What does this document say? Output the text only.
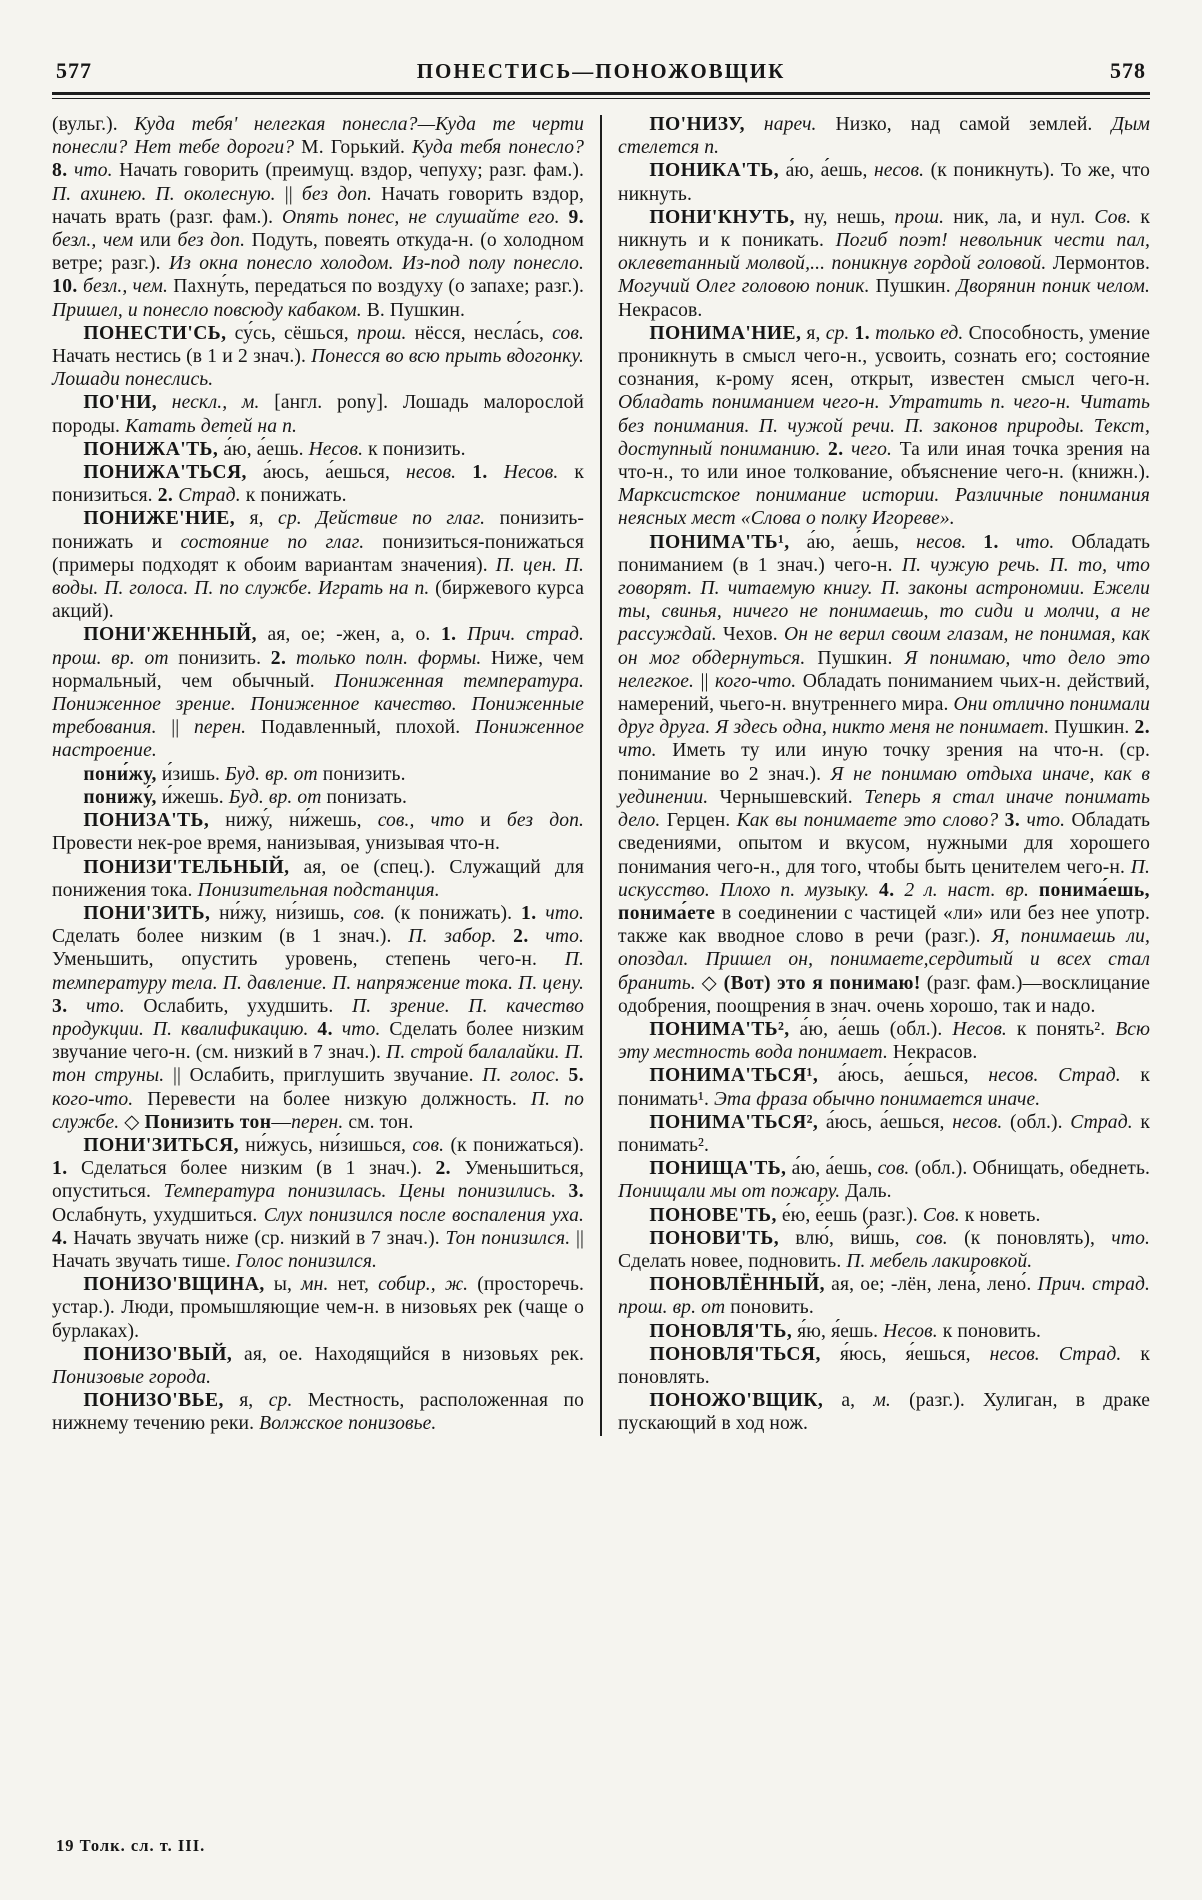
577	ПОНЕСТИСЬ—ПОНОЖОВЩИК	578

(вульг.). Куда тебя' нелегкая понесла?—Куда те черти понесли? Нет тебе дороги? М. Горький. Куда тебя понесло? 8. что. Начать говорить (преимущ. вздор, чепуху; разг. фам.). П. ахинею. П. околесную. || без доп. Начать говорить вздор, начать врать (разг. фам.). Опять понес, не слушайте его. 9. безл., чем или без доп. Подуть, повеять откуда-н. (о холодном ветре; разг.). Из окна понесло холодом. Из-под полу понесло. 10. безл., чем. Пахну́ть, передаться по воздуху (о запахе; разг.). Пришел, и понесло повсюду кабаком. В. Пушкин.

ПОНЕСТИ'СЬ, су́сь, сёшься, прош. нёсся, несла́сь, сов. Начать нестись (в 1 и 2 знач.). Понесся во всю прыть вдогонку. Лошади понеслись.

ПО'НИ, нескл., м. [англ. pony]. Лошадь малорослой породы. Катать детей на п.

ПОНИЖА'ТЬ, а́ю, а́ешь. Несов. к понизить.

ПОНИЖА'ТЬСЯ, а́юсь, а́ешься, несов. 1. Несов. к понизиться. 2. Страд. к понижать.

ПОНИЖЕ'НИЕ, я, ср. Действие по глаг. понизить-понижать и состояние по глаг. понизиться-понижаться (примеры подходят к обоим вариантам значения). П. цен. П. воды. П. голоса. П. по службе. Играть на п. (биржевого курса акций).

ПОНИ'ЖЕННЫЙ, ая, ое; -жен, а, о. 1. Прич. страд. прош. вр. от понизить. 2. только полн. формы. Ниже, чем нормальный, чем обычный. Пониженная температура. Пониженное зрение. Пониженное качество. Пониженные требования. || перен. Подавленный, плохой. Пониженное настроение.

пони́жу, и́зишь. Буд. вр. от понизить.

понижу́, и́жешь. Буд. вр. от понизать.

ПОНИЗА'ТЬ, нижу́, ни́жешь, сов., что и без доп. Провести нек-рое время, нанизывая, унизывая что-н.

ПОНИЗИ'ТЕЛЬНЫЙ, ая, ое (спец.). Служащий для понижения тока. Понизительная подстанция.

ПОНИ'ЗИТЬ, ни́жу, ни́зишь, сов. (к понижать). 1. что. Сделать более низким (в 1 знач.). П. забор. 2. что. Уменьшить, опустить уровень, степень чего-н. П. температуру тела. П. давление. П. напряжение тока. П. цену. 3. что. Ослабить, ухудшить. П. зрение. П. качество продукции. П. квалификацию. 4. что. Сделать более низким звучание чего-н. (см. низкий в 7 знач.). П. строй балалайки. П. тон струны. || Ослабить, приглушить звучание. П. голос. 5. кого-что. Перевести на более низкую должность. П. по службе. ◇ Понизить тон—перен. см. тон.

ПОНИ'ЗИТЬСЯ, ни́жусь, ни́зишься, сов. (к понижаться). 1. Сделаться более низким (в 1 знач.). 2. Уменьшиться, опуститься. Температура понизилась. Цены понизились. 3. Ослабнуть, ухудшиться. Слух понизился после воспаления уха. 4. Начать звучать ниже (ср. низкий в 7 знач.). Тон понизился. || Начать звучать тише. Голос понизился.

ПОНИЗО'ВЩИНА, ы, мн. нет, собир., ж. (просторечь. устар.). Люди, промышляющие чем-н. в низовьях рек (чаще о бурлаках).

ПОНИЗО'ВЫЙ, ая, ое. Находящийся в низовьях рек. Понизовые города.

ПОНИЗО'ВЬЕ, я, ср. Местность, расположенная по нижнему течению реки. Волжское понизовье.

ПО'НИЗУ, нареч. Низко, над самой землей. Дым стелется п.

ПОНИКА'ТЬ, а́ю, а́ешь, несов. (к поникнуть). То же, что никнуть.

ПОНИ'КНУТЬ, ну, нешь, прош. ник, ла, и нул. Сов. к никнуть и к поникать. Погиб поэт! невольник чести пал, оклеветанный молвой,... поникнув гордой головой. Лермонтов. Могучий Олег головою поник. Пушкин. Дворянин поник челом. Некрасов.

ПОНИМА'НИЕ, я, ср. 1. только ед. Способность, умение проникнуть в смысл чего-н., усвоить, сознать его; состояние сознания, к-рому ясен, открыт, известен смысл чего-н. Обладать пониманием чего-н. Утратить п. чего-н. Читать без понимания. П. чужой речи. П. законов природы. Текст, доступный пониманию. 2. чего. Та или иная точка зрения на что-н., то или иное толкование, объяснение чего-н. (книжн.). Марксистское понимание истории. Различные понимания неясных мест «Слова о полку Игореве».

ПОНИМА'ТЬ¹, а́ю, а́ешь, несов. 1. что. Обладать пониманием (в 1 знач.) чего-н. П. чужую речь. П. то, что говорят. П. читаемую книгу. П. законы астрономии. Ежели ты, свинья, ничего не понимаешь, то сиди и молчи, а не рассуждай. Чехов. Он не верил своим глазам, не понимая, как он мог обдернуться. Пушкин. Я понимаю, что дело это нелегкое. || кого-что. Обладать пониманием чьих-н. действий, намерений, чьего-н. внутреннего мира. Они отлично понимали друг друга. Я здесь одна, никто меня не понимает. Пушкин. 2. что. Иметь ту или иную точку зрения на что-н. (ср. понимание во 2 знач.). Я не понимаю отдыха иначе, как в уединении. Чернышевский. Теперь я стал иначе понимать дело. Герцен. Как вы понимаете это слово? 3. что. Обладать сведениями, опытом и вкусом, нужными для хорошего понимания чего-н., для того, чтобы быть ценителем чего-н. П. искусство. Плохо п. музыку. 4. 2 л. наст. вр. понима́ешь, понима́ете в соединении с частицей «ли» или без нее употр. также как вводное слово в речи (разг.). Я, понимаешь ли, опоздал. Пришел он, понимаете,сердитый и всех стал бранить. ◇ (Вот) это я понимаю! (разг. фам.)—восклицание одобрения, поощрения в знач. очень хорошо, так и надо.

ПОНИМА'ТЬ², а́ю, а́ешь (обл.). Несов. к понять². Всю эту местность вода понимает. Некрасов.

ПОНИМА'ТЬСЯ¹, а́юсь, а́ешься, несов. Страд. к понимать¹. Эта фраза обычно понимается иначе.

ПОНИМА'ТЬСЯ², а́юсь, а́ешься, несов. (обл.). Страд. к понимать².

ПОНИЩА'ТЬ, а́ю, а́ешь, сов. (обл.). Обнищать, обеднеть. Понищали мы от пожару. Даль.

ПОНОВЕ'ТЬ, е́ю, е́ешь (разг.). Сов. к новеть.

ПОНОВИ'ТЬ, влю́, ви́шь, сов. (к поновлять), что. Сделать новее, подновить. П. мебель лакировкой.

ПОНОВЛЁННЫЙ, ая, ое; -лён, лена́, лено́. Прич. страд. прош. вр. от поновить.

ПОНОВЛЯ'ТЬ, я́ю, я́ешь. Несов. к поновить.

ПОНОВЛЯ'ТЬСЯ, я́юсь, я́ешься, несов. Страд. к поновлять.

ПОНОЖО'ВЩИК, а, м. (разг.). Хулиган, в драке пускающий в ход нож.

19 Толк. сл. т. III.
